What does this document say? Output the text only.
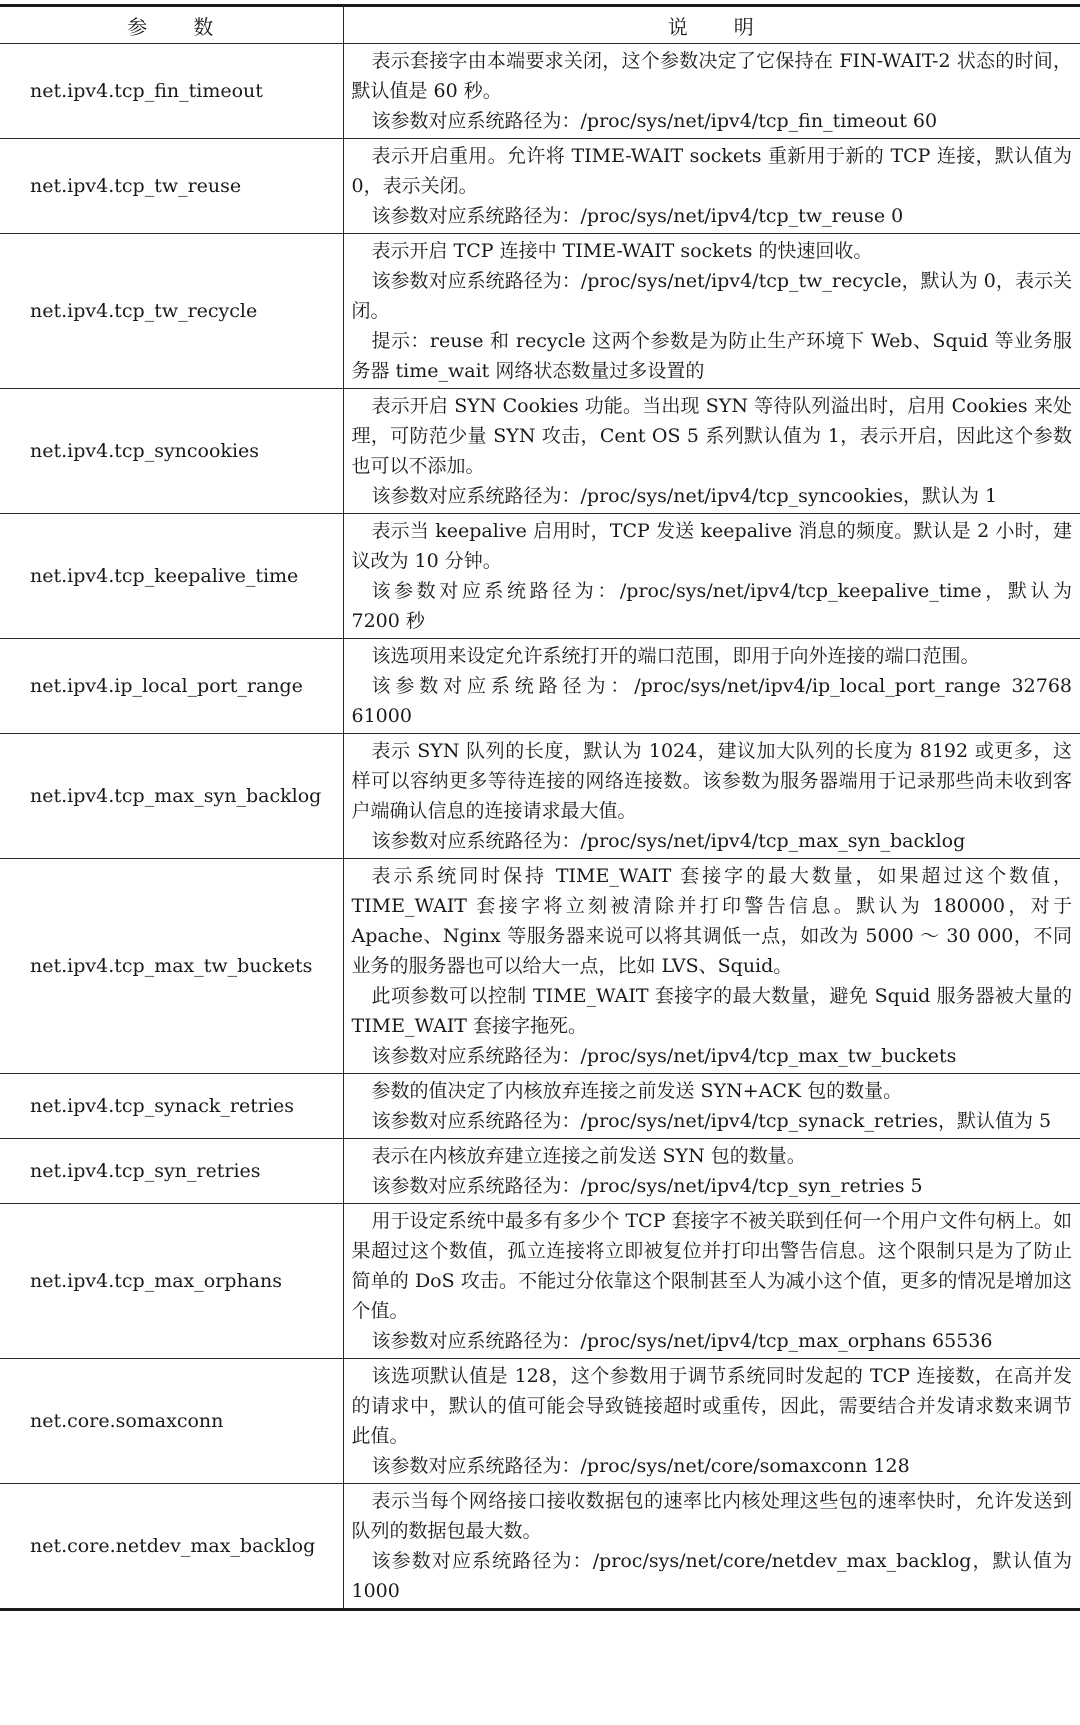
参　　数	说　　明
net.ipv4.tcp_fin_timeout	表示套接字由本端要求关闭，这个参数决定了它保持在 FIN-WAIT-2 状态的时间，默认值是 60 秒。

该参数对应系统路径为：/proc/sys/net/ipv4/tcp_fin_timeout 60

net.ipv4.tcp_tw_reuse	表示开启重用。允许将 TIME-WAIT sockets 重新用于新的 TCP 连接，默认值为 0，表示关闭。

该参数对应系统路径为：/proc/sys/net/ipv4/tcp_tw_reuse 0

net.ipv4.tcp_tw_recycle	表示开启 TCP 连接中 TIME-WAIT sockets 的快速回收。

该参数对应系统路径为：/proc/sys/net/ipv4/tcp_tw_recycle，默认为 0，表示关闭。

提示：reuse 和 recycle 这两个参数是为防止生产环境下 Web、Squid 等业务服务器 time_wait 网络状态数量过多设置的

net.ipv4.tcp_syncookies	表示开启 SYN Cookies 功能。当出现 SYN 等待队列溢出时，启用 Cookies 来处理，可防范少量 SYN 攻击，Cent OS 5 系列默认值为 1，表示开启，因此这个参数也可以不添加。

该参数对应系统路径为：/proc/sys/net/ipv4/tcp_syncookies，默认为 1

net.ipv4.tcp_keepalive_time	表示当 keepalive 启用时，TCP 发送 keepalive 消息的频度。默认是 2 小时，建议改为 10 分钟。

该参数对应系统路径为：/proc/sys/net/ipv4/tcp_keepalive_time，默认为 7200 秒

net.ipv4.ip_local_port_range	该选项用来设定允许系统打开的端口范围，即用于向外连接的端口范围。

该参数对应系统路径为：/proc/sys/net/ipv4/ip_local_port_range 32768 61000

net.ipv4.tcp_max_syn_backlog	表示 SYN 队列的长度，默认为 1024，建议加大队列的长度为 8192 或更多，这样可以容纳更多等待连接的网络连接数。该参数为服务器端用于记录那些尚未收到客户端确认信息的连接请求最大值。

该参数对应系统路径为：/proc/sys/net/ipv4/tcp_max_syn_backlog

net.ipv4.tcp_max_tw_buckets	表示系统同时保持 TIME_WAIT 套接字的最大数量，如果超过这个数值，TIME_WAIT 套接字将立刻被清除并打印警告信息。默认为 180000，对于 Apache、Nginx 等服务器来说可以将其调低一点，如改为 5000 ～ 30 000，不同业务的服务器也可以给大一点，比如 LVS、Squid。

此项参数可以控制 TIME_WAIT 套接字的最大数量，避免 Squid 服务器被大量的 TIME_WAIT 套接字拖死。

该参数对应系统路径为：/proc/sys/net/ipv4/tcp_max_tw_buckets

net.ipv4.tcp_synack_retries	参数的值决定了内核放弃连接之前发送 SYN+ACK 包的数量。

该参数对应系统路径为：/proc/sys/net/ipv4/tcp_synack_retries，默认值为 5

net.ipv4.tcp_syn_retries	表示在内核放弃建立连接之前发送 SYN 包的数量。

该参数对应系统路径为：/proc/sys/net/ipv4/tcp_syn_retries 5

net.ipv4.tcp_max_orphans	用于设定系统中最多有多少个 TCP 套接字不被关联到任何一个用户文件句柄上。如果超过这个数值，孤立连接将立即被复位并打印出警告信息。这个限制只是为了防止简单的 DoS 攻击。不能过分依靠这个限制甚至人为减小这个值，更多的情况是增加这个值。

该参数对应系统路径为：/proc/sys/net/ipv4/tcp_max_orphans 65536

net.core.somaxconn	该选项默认值是 128，这个参数用于调节系统同时发起的 TCP 连接数，在高并发的请求中，默认的值可能会导致链接超时或重传，因此，需要结合并发请求数来调节此值。

该参数对应系统路径为：/proc/sys/net/core/somaxconn 128

net.core.netdev_max_backlog	表示当每个网络接口接收数据包的速率比内核处理这些包的速率快时，允许发送到队列的数据包最大数。

该参数对应系统路径为：/proc/sys/net/core/netdev_max_backlog，默认值为 1000
